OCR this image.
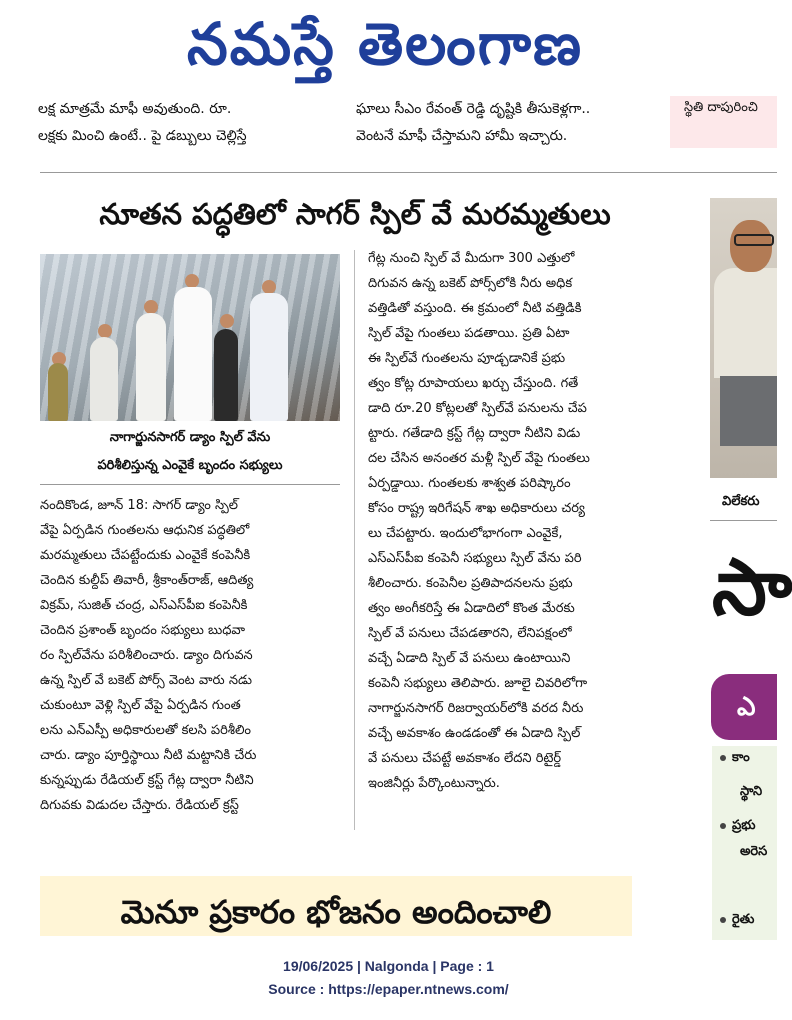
నమస్తే తెలంగాణ
లక్ష మాత్రమే మాఫీ అవుతుంది. రూ.
లక్షకు మించి ఉంటే.. పై డబ్బులు చెల్లిస్తే
ఘాలు సీఎం రేవంత్ రెడ్డి దృష్టికి తీసుకెళ్లగా..
వెంటనే మాఫీ చేస్తామని హామీ ఇచ్చారు.
స్థితి దాపురించి
నూతన పద్ధతిలో సాగర్ స్పిల్ వే మరమ్మతులు
నాగార్జునసాగర్ డ్యాం స్పిల్ వేను
పరిశీలిస్తున్న ఎంవైకే బృందం సభ్యులు

నందికొండ, జూన్ 18: సాగర్ డ్యాం స్పిల్

వేపై ఏర్పడిన గుంతలను ఆధునిక పద్ధతిలో

మరమ్మతులు చేపట్టేందుకు ఎంవైకే కంపెనీకి

చెందిన కుల్దీప్ తివారీ, శ్రీకాంత్‌రాజ్, ఆదిత్య

విక్రమ్, సుజిత్ చంద్ర, ఎస్ఎస్‌పీఐ కంపెనీకి

చెందిన ప్రశాంత్ బృందం సభ్యులు బుధవా

రం స్పిల్‌వేను పరిశీలించారు. డ్యాం దిగువన

ఉన్న స్పిల్ వే బకెట్ పోర్స్ వెంట వారు నడు

చుకుంటూ వెళ్లి స్పిల్ వేపై ఏర్పడిన గుంత

లను ఎన్ఎస్పీ అధికారులతో కలసి పరిశీలిం

చారు. డ్యాం పూర్తిస్థాయి నీటి మట్టానికి చేరు

కున్నప్పుడు రేడియల్ క్రస్ట్ గేట్ల ద్వారా నీటిని

దిగువకు విడుదల చేస్తారు. రేడియల్ క్రస్ట్

గేట్ల నుంచి స్పిల్ వే మీదుగా 300 ఎత్తులో

దిగువన ఉన్న బకెట్ పోర్స్‌లోకి నీరు అధిక

వత్తిడితో వస్తుంది. ఈ క్రమంలో నీటి వత్తిడికి

స్పిల్ వేపై గుంతలు పడతాయి. ప్రతి ఏటా

ఈ స్పిల్‌వే గుంతలను పూడ్చడానికే ప్రభు

త్వం కోట్ల రూపాయలు ఖర్చు చేస్తుంది. గతే

డాది రూ.20 కోట్లలతో స్పిల్‌వే పనులను చేప

ట్టారు. గతేడాది క్రస్ట్ గేట్ల ద్వారా నీటిని విడు

దల చేసిన అనంతర మళ్లీ స్పిల్ వేపై గుంతలు

ఏర్పడ్డాయి. గుంతలకు శాశ్వత పరిష్కారం

కోసం రాష్ట్ర ఇరిగేషన్ శాఖ అధికారులు చర్య

లు చేపట్టారు. ఇందులోభాగంగా ఎంవైకే,

ఎస్ఎస్‌పీఐ కంపెనీ సభ్యులు స్పిల్ వేను పరి

శీలించారు. కంపెనీల ప్రతిపాదనలను ప్రభు

త్వం అంగీకరిస్తే ఈ ఏడాదిలో కొంత మేరకు

స్పిల్ వే పనులు చేపడతారని, లేనిపక్షంలో

వచ్చే ఏడాది స్పిల్ వే పనులు ఉంటాయిని

కంపెనీ సభ్యులు తెలిపారు. జూలై చివరిలోగా

నాగార్జునసాగర్ రిజర్వాయర్‌లోకి వరద నీరు

వచ్చే అవకాశం ఉండడంతో ఈ ఏడాది స్పిల్

వే పనులు చేపట్టే అవకాశం లేదని రిటైర్డ్

ఇంజినీర్లు పేర్కొంటున్నారు.

మెనూ ప్రకారం భోజనం అందించాలి
విలేకరు
సా
ఎ
కాం
స్థాని
ప్రభు
అరెస
రైతు
19/06/2025 | Nalgonda | Page : 1
Source : https://epaper.ntnews.com/
